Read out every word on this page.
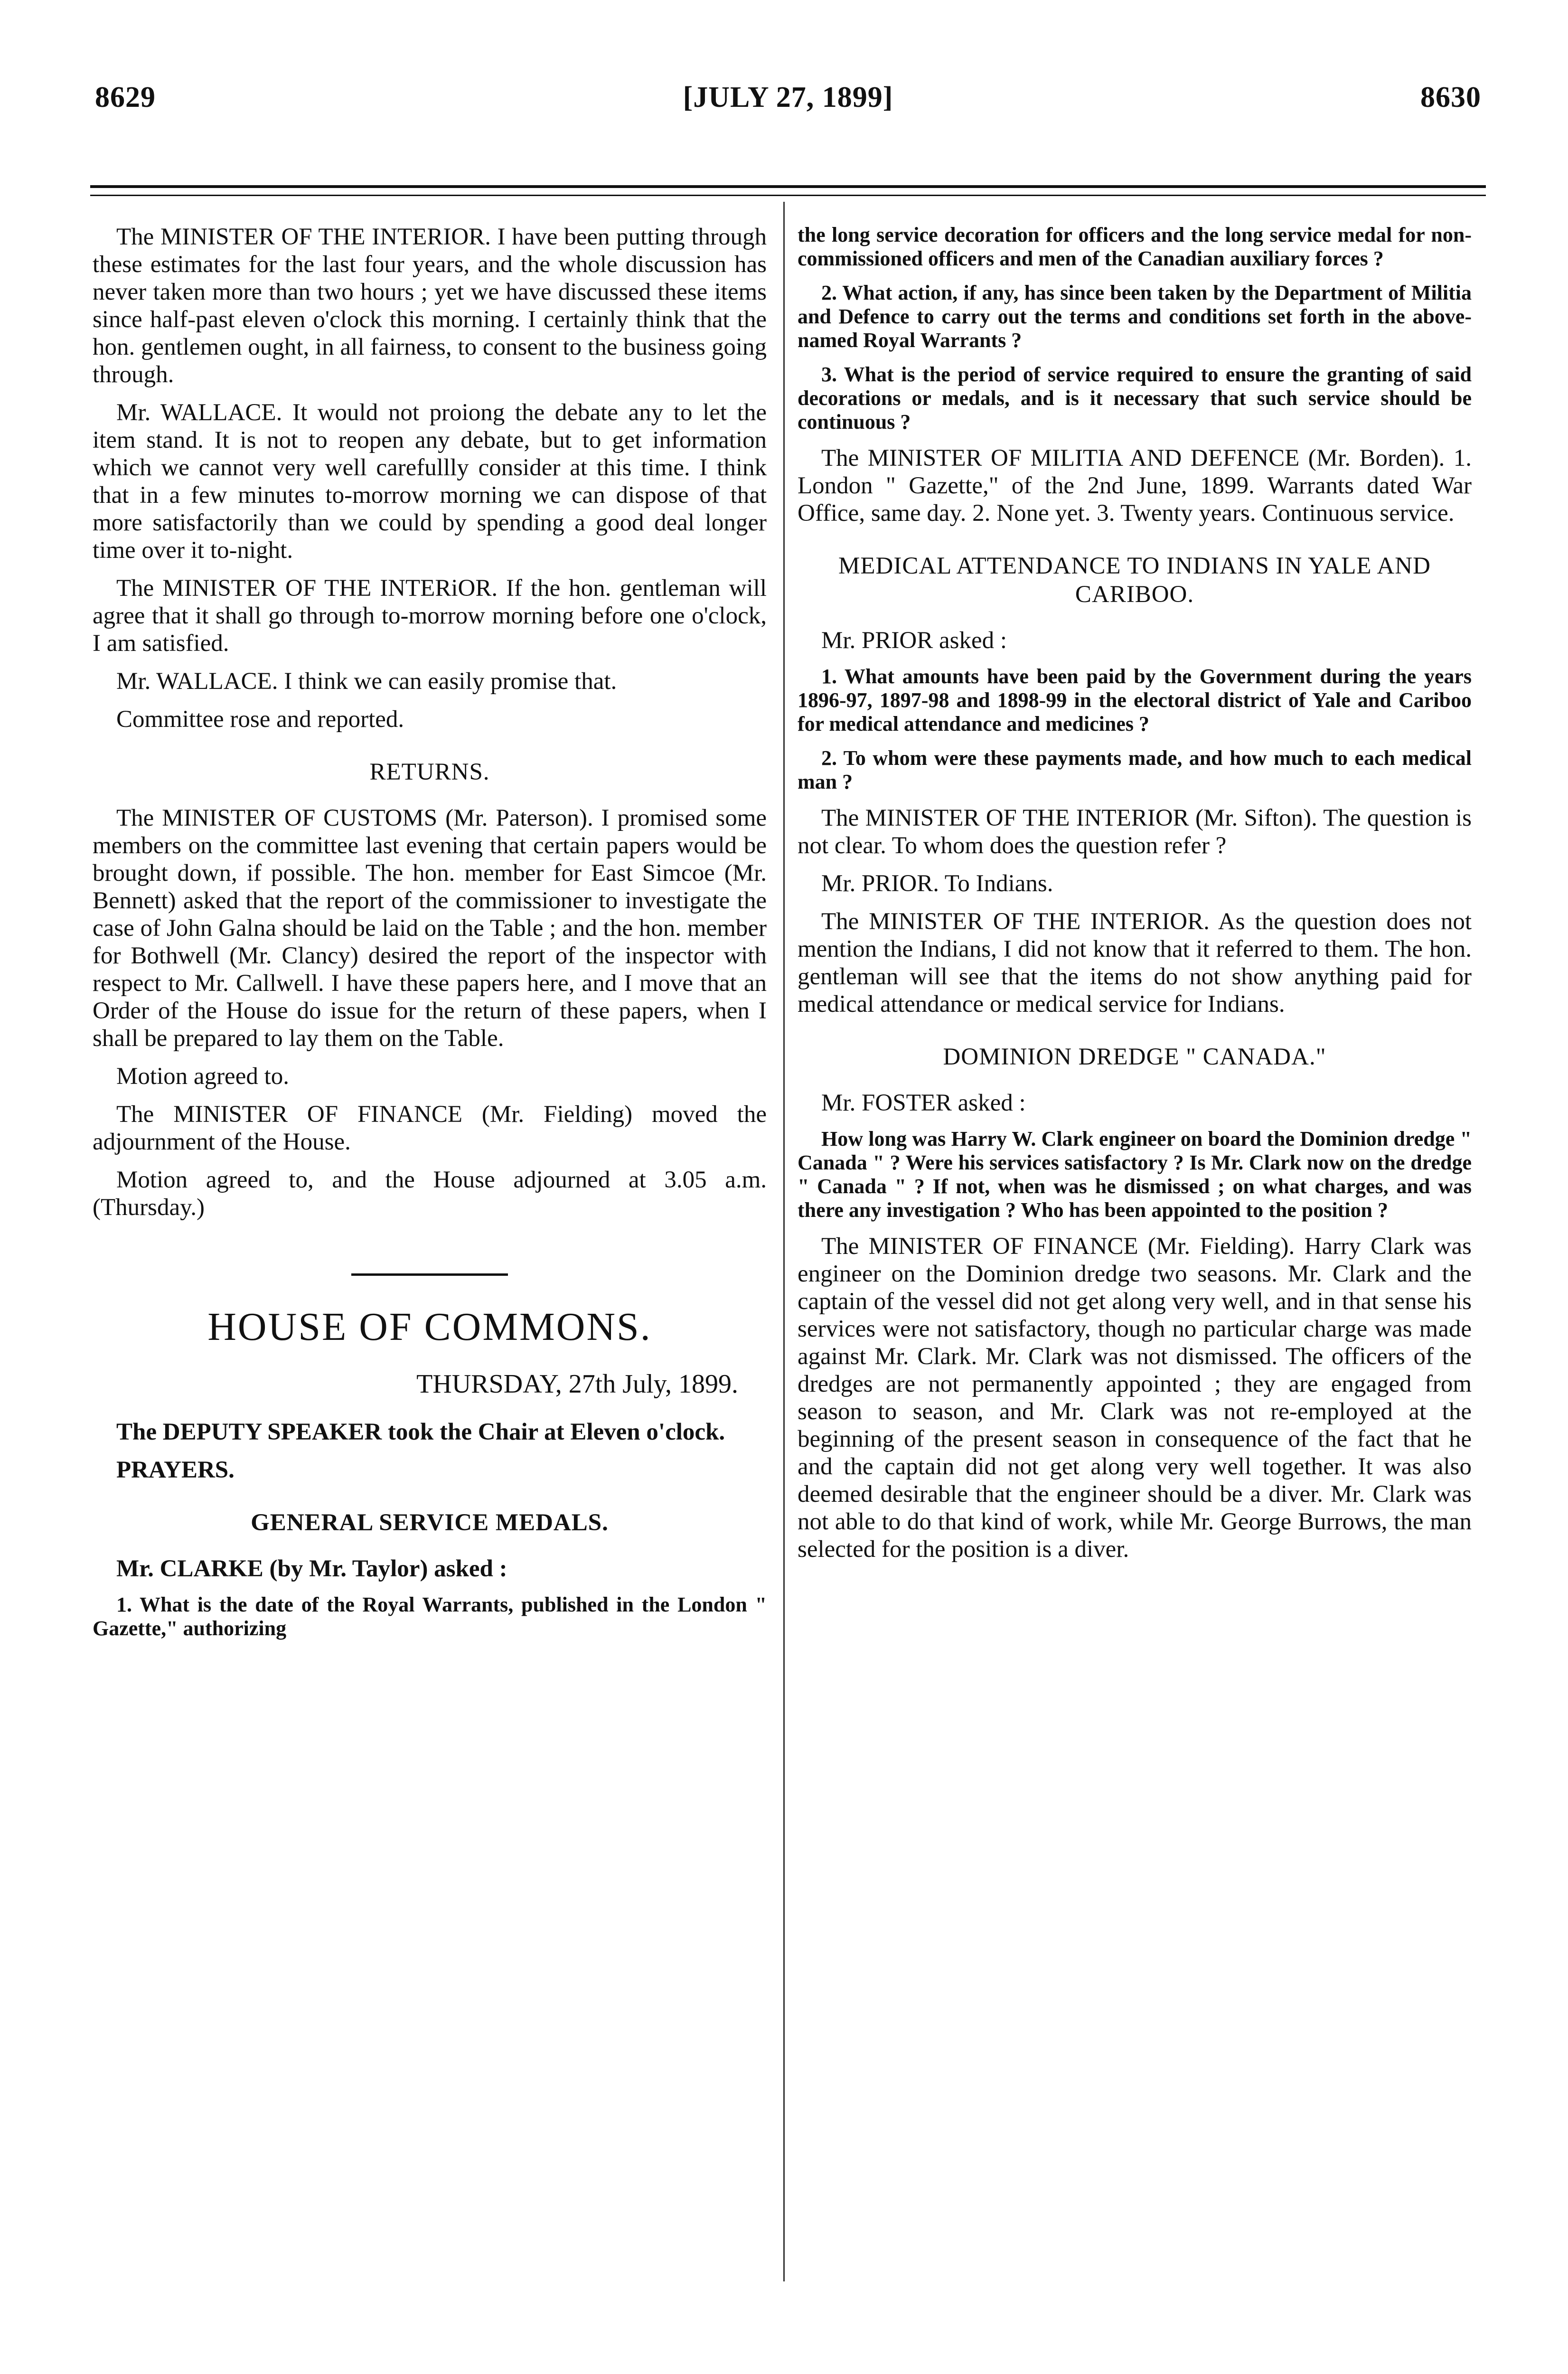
8629	[JULY 27, 1899]	8630

The MINISTER OF THE INTERIOR. I have been putting through these estimates for the last four years, and the whole discussion has never taken more than two hours ; yet we have discussed these items since half-past eleven o'clock this morning. I certainly think that the hon. gentlemen ought, in all fairness, to consent to the business going through.

Mr. WALLACE. It would not proiong the debate any to let the item stand. It is not to reopen any debate, but to get information which we cannot very well carefullly consider at this time. I think that in a few minutes to-morrow morning we can dispose of that more satisfactorily than we could by spending a good deal longer time over it to-night.

The MINISTER OF THE INTERiOR. If the hon. gentleman will agree that it shall go through to-morrow morning before one o'clock, I am satisfied.

Mr. WALLACE. I think we can easily promise that.

Committee rose and reported.

RETURNS.

The MINISTER OF CUSTOMS (Mr. Paterson). I promised some members on the committee last evening that certain papers would be brought down, if possible. The hon. member for East Simcoe (Mr. Bennett) asked that the report of the commissioner to investigate the case of John Galna should be laid on the Table ; and the hon. member for Bothwell (Mr. Clancy) desired the report of the inspector with respect to Mr. Callwell. I have these papers here, and I move that an Order of the House do issue for the return of these papers, when I shall be prepared to lay them on the Table.

Motion agreed to.

The MINISTER OF FINANCE (Mr. Fielding) moved the adjournment of the House.

Motion agreed to, and the House adjourned at 3.05 a.m. (Thursday.)

HOUSE OF COMMONS.
THURSDAY, 27th July, 1899.

The DEPUTY SPEAKER took the Chair at Eleven o'clock.

PRAYERS.

GENERAL SERVICE MEDALS.

Mr. CLARKE (by Mr. Taylor) asked :

1. What is the date of the Royal Warrants, published in the London " Gazette," authorizing

the long service decoration for officers and the long service medal for non-commissioned officers and men of the Canadian auxiliary forces ?

2. What action, if any, has since been taken by the Department of Militia and Defence to carry out the terms and conditions set forth in the above-named Royal Warrants ?

3. What is the period of service required to ensure the granting of said decorations or medals, and is it necessary that such service should be continuous ?

The MINISTER OF MILITIA AND DEFENCE (Mr. Borden). 1. London " Gazette," of the 2nd June, 1899. Warrants dated War Office, same day. 2. None yet. 3. Twenty years. Continuous service.

MEDICAL ATTENDANCE TO INDIANS IN YALE AND CARIBOO.

Mr. PRIOR asked :

1. What amounts have been paid by the Government during the years 1896-97, 1897-98 and 1898-99 in the electoral district of Yale and Cariboo for medical attendance and medicines ?

2. To whom were these payments made, and how much to each medical man ?

The MINISTER OF THE INTERIOR (Mr. Sifton). The question is not clear. To whom does the question refer ?

Mr. PRIOR. To Indians.

The MINISTER OF THE INTERIOR. As the question does not mention the Indians, I did not know that it referred to them. The hon. gentleman will see that the items do not show anything paid for medical attendance or medical service for Indians.

DOMINION DREDGE " CANADA."

Mr. FOSTER asked :

How long was Harry W. Clark engineer on board the Dominion dredge " Canada " ? Were his services satisfactory ? Is Mr. Clark now on the dredge " Canada " ? If not, when was he dismissed ; on what charges, and was there any investigation ? Who has been appointed to the position ?

The MINISTER OF FINANCE (Mr. Fielding). Harry Clark was engineer on the Dominion dredge two seasons. Mr. Clark and the captain of the vessel did not get along very well, and in that sense his services were not satisfactory, though no particular charge was made against Mr. Clark. Mr. Clark was not dismissed. The officers of the dredges are not permanently appointed ; they are engaged from season to season, and Mr. Clark was not re-employed at the beginning of the present season in consequence of the fact that he and the captain did not get along very well together. It was also deemed desirable that the engineer should be a diver. Mr. Clark was not able to do that kind of work, while Mr. George Burrows, the man selected for the position is a diver.
